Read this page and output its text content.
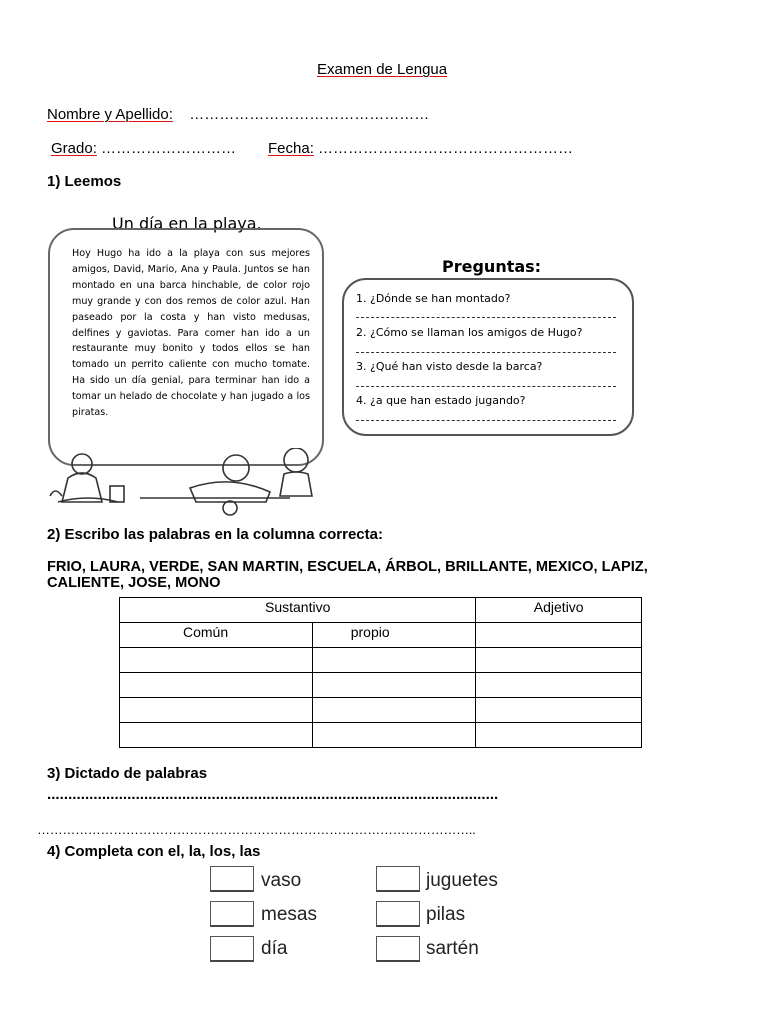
Examen de Lengua
Nombre y Apellido: …………………………………………
Grado: ……………………… Fecha: ……………………………………………
1) Leemos
Un día en la playa.
Hoy Hugo ha ido a la playa con sus mejores amigos, David, Mario, Ana y Paula. Juntos se han montado en una barca hinchable, de color rojo muy grande y con dos remos de color azul. Han paseado por la costa y han visto medusas, delfines y gaviotas. Para comer han ido a un restaurante muy bonito y todos ellos se han tomado un perrito caliente con mucho tomate. Ha sido un día genial, para terminar han ido a tomar un helado de chocolate y han jugado a los piratas.
Preguntas:
1. ¿Dónde se han montado?
2. ¿Cómo se llaman los amigos de Hugo?
3. ¿Qué han visto desde la barca?
4. ¿a que han estado jugando?
2) Escribo las palabras en la columna correcta:
FRIO, LAURA, VERDE, SAN MARTIN, ESCUELA, ÁRBOL, BRILLANTE, MEXICO, LAPIZ,
CALIENTE, JOSE, MONO
Sustantivo		Adjetivo
Común	propio	

3) Dictado de palabras
...........................................................................................................
…………………………………………………………………………………………..
4) Completa con el, la, los, las
vaso	juguetes
mesas	pilas
día	sartén
